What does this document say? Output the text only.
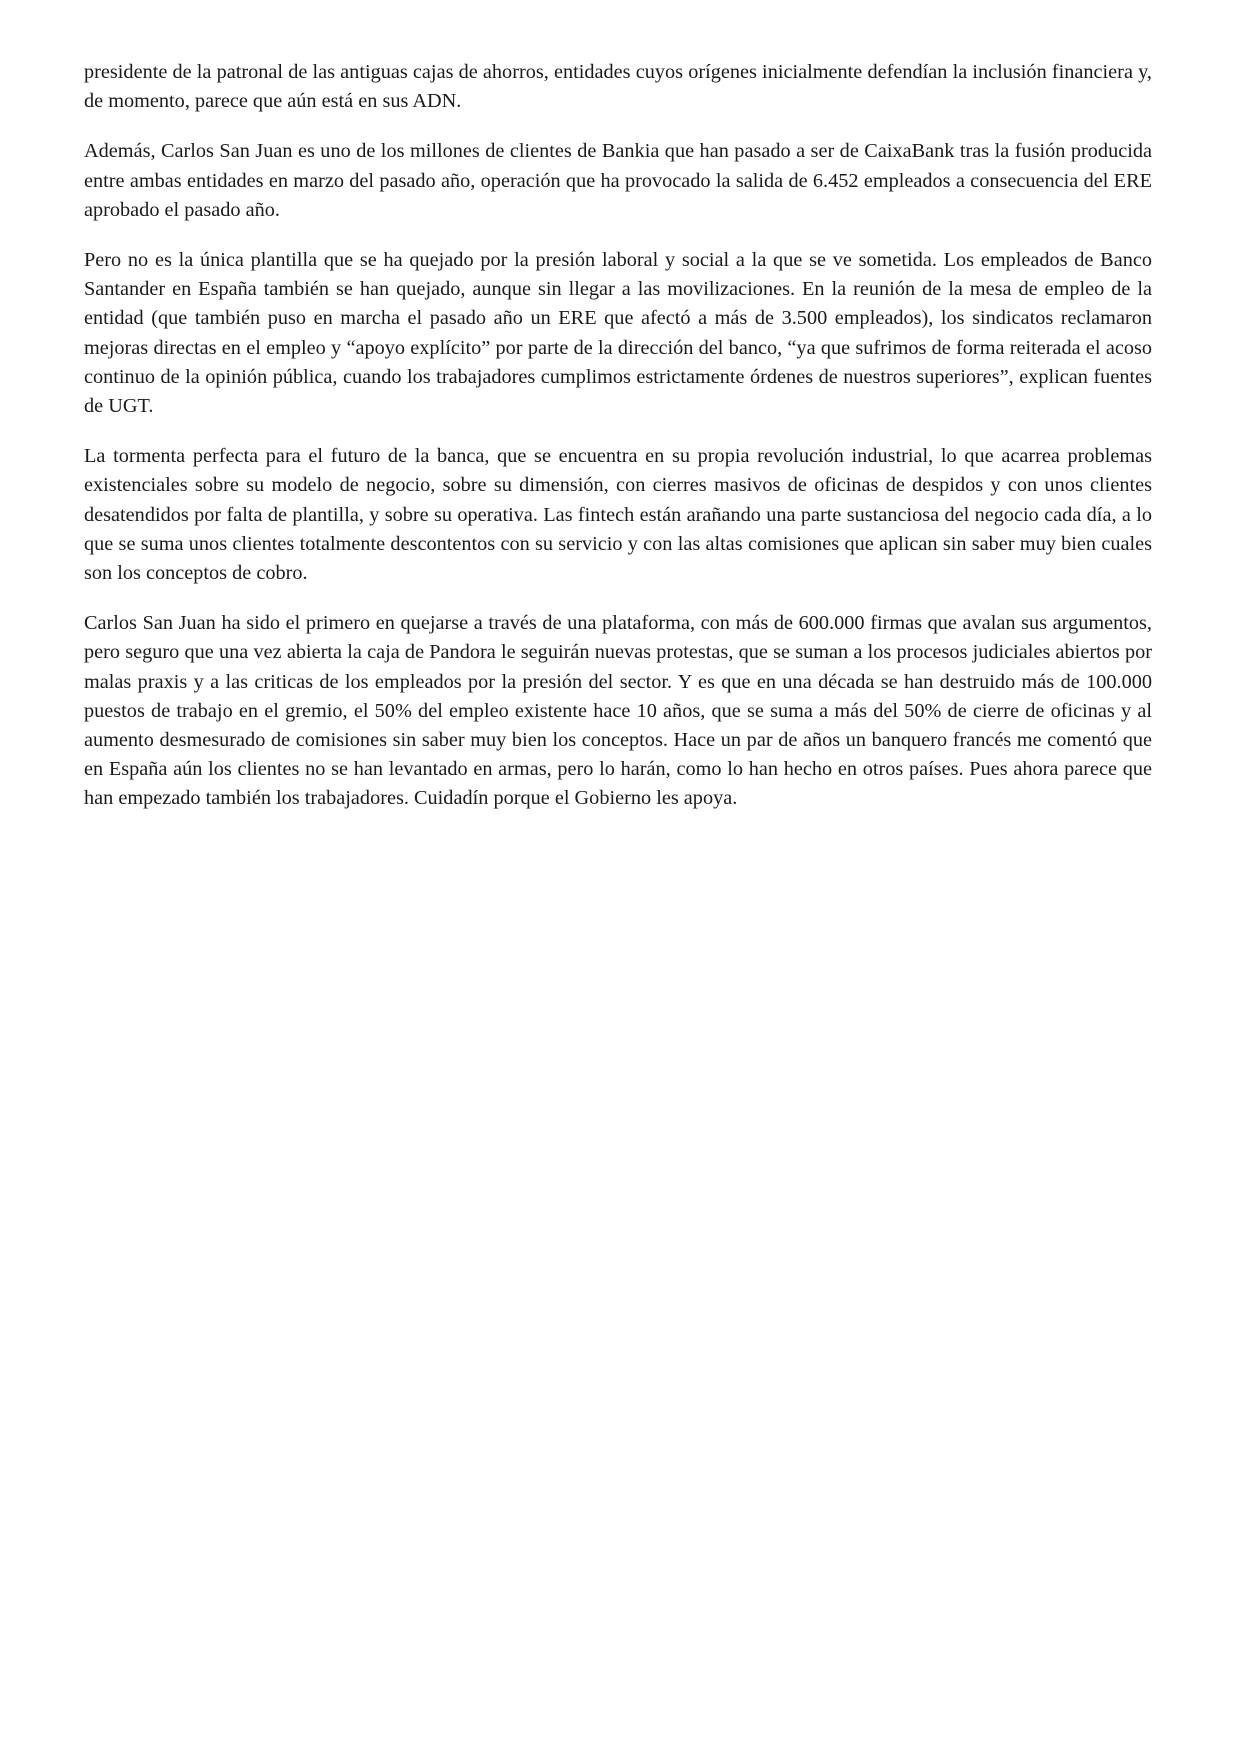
presidente de la patronal de las antiguas cajas de ahorros, entidades cuyos orígenes inicialmente defendían la inclusión financiera y, de momento, parece que aún está en sus ADN.

Además, Carlos San Juan es uno de los millones de clientes de Bankia que han pasado a ser de CaixaBank tras la fusión producida entre ambas entidades en marzo del pasado año, operación que ha provocado la salida de 6.452 empleados a consecuencia del ERE aprobado el pasado año.

Pero no es la única plantilla que se ha quejado por la presión laboral y social a la que se ve sometida. Los empleados de Banco Santander en España también se han quejado, aunque sin llegar a las movilizaciones. En la reunión de la mesa de empleo de la entidad (que también puso en marcha el pasado año un ERE que afectó a más de 3.500 empleados), los sindicatos reclamaron mejoras directas en el empleo y “apoyo explícito” por parte de la dirección del banco, “ya que sufrimos de forma reiterada el acoso continuo de la opinión pública, cuando los trabajadores cumplimos estrictamente órdenes de nuestros superiores”, explican fuentes de UGT.

La tormenta perfecta para el futuro de la banca, que se encuentra en su propia revolución industrial, lo que acarrea problemas existenciales sobre su modelo de negocio, sobre su dimensión, con cierres masivos de oficinas de despidos y con unos clientes desatendidos por falta de plantilla, y sobre su operativa. Las fintech están arañando una parte sustanciosa del negocio cada día, a lo que se suma unos clientes totalmente descontentos con su servicio y con las altas comisiones que aplican sin saber muy bien cuales son los conceptos de cobro.

Carlos San Juan ha sido el primero en quejarse a través de una plataforma, con más de 600.000 firmas que avalan sus argumentos, pero seguro que una vez abierta la caja de Pandora le seguirán nuevas protestas, que se suman a los procesos judiciales abiertos por malas praxis y a las criticas de los empleados por la presión del sector. Y es que en una década se han destruido más de 100.000 puestos de trabajo en el gremio, el 50% del empleo existente hace 10 años, que se suma a más del 50% de cierre de oficinas y al aumento desmesurado de comisiones sin saber muy bien los conceptos. Hace un par de años un banquero francés me comentó que en España aún los clientes no se han levantado en armas, pero lo harán, como lo han hecho en otros países. Pues ahora parece que han empezado también los trabajadores. Cuidadín porque el Gobierno les apoya.
